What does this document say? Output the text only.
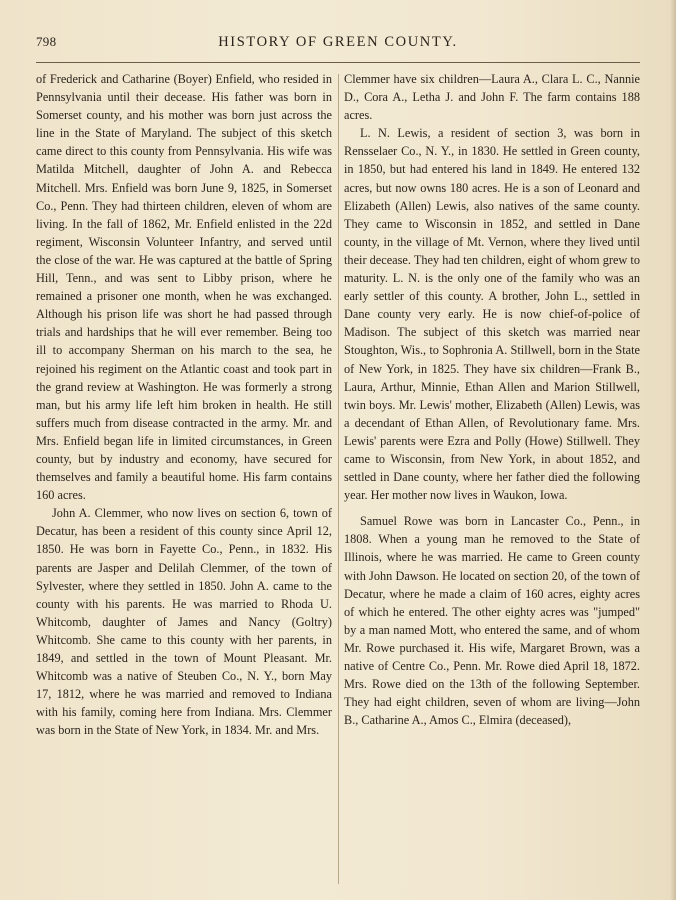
798	HISTORY OF GREEN COUNTY.

of Frederick and Catharine (Boyer) Enfield, who resided in Pennsylvania until their decease. His father was born in Somerset county, and his mother was born just across the line in the State of Maryland. The subject of this sketch came direct to this county from Pennsylvania. His wife was Matilda Mitchell, daughter of John A. and Rebecca Mitchell. Mrs. Enfield was born June 9, 1825, in Somerset Co., Penn. They had thirteen children, eleven of whom are living. In the fall of 1862, Mr. Enfield enlisted in the 22d regiment, Wisconsin Volunteer Infantry, and served until the close of the war. He was captured at the battle of Spring Hill, Tenn., and was sent to Libby prison, where he remained a prisoner one month, when he was exchanged. Although his prison life was short he had passed through trials and hardships that he will ever remember. Being too ill to accompany Sherman on his march to the sea, he rejoined his regiment on the Atlantic coast and took part in the grand review at Washington. He was formerly a strong man, but his army life left him broken in health. He still suffers much from disease contracted in the army. Mr. and Mrs. Enfield began life in limited circumstances, in Green county, but by industry and economy, have secured for themselves and family a beautiful home. His farm contains 160 acres.

John A. Clemmer, who now lives on section 6, town of Decatur, has been a resident of this county since April 12, 1850. He was born in Fayette Co., Penn., in 1832. His parents are Jasper and Delilah Clemmer, of the town of Sylvester, where they settled in 1850. John A. came to the county with his parents. He was married to Rhoda U. Whitcomb, daughter of James and Nancy (Goltry) Whitcomb. She came to this county with her parents, in 1849, and settled in the town of Mount Pleasant. Mr. Whitcomb was a native of Steuben Co., N. Y., born May 17, 1812, where he was married and removed to Indiana with his family, coming here from Indiana. Mrs. Clemmer was born in the State of New York, in 1834. Mr. and Mrs.

Clemmer have six children—Laura A., Clara L. C., Nannie D., Cora A., Letha J. and John F. The farm contains 188 acres.

L. N. Lewis, a resident of section 3, was born in Rensselaer Co., N. Y., in 1830. He settled in Green county, in 1850, but had entered his land in 1849. He entered 132 acres, but now owns 180 acres. He is a son of Leonard and Elizabeth (Allen) Lewis, also natives of the same county. They came to Wisconsin in 1852, and settled in Dane county, in the village of Mt. Vernon, where they lived until their decease. They had ten children, eight of whom grew to maturity. L. N. is the only one of the family who was an early settler of this county. A brother, John L., settled in Dane county very early. He is now chief-of-police of Madison. The subject of this sketch was married near Stoughton, Wis., to Sophronia A. Stillwell, born in the State of New York, in 1825. They have six children—Frank B., Laura, Arthur, Minnie, Ethan Allen and Marion Stillwell, twin boys. Mr. Lewis' mother, Elizabeth (Allen) Lewis, was a decendant of Ethan Allen, of Revolutionary fame. Mrs. Lewis' parents were Ezra and Polly (Howe) Stillwell. They came to Wisconsin, from New York, in about 1852, and settled in Dane county, where her father died the following year. Her mother now lives in Waukon, Iowa.

Samuel Rowe was born in Lancaster Co., Penn., in 1808. When a young man he removed to the State of Illinois, where he was married. He came to Green county with John Dawson. He located on section 20, of the town of Decatur, where he made a claim of 160 acres, eighty acres of which he entered. The other eighty acres was "jumped" by a man named Mott, who entered the same, and of whom Mr. Rowe purchased it. His wife, Margaret Brown, was a native of Centre Co., Penn. Mr. Rowe died April 18, 1872. Mrs. Rowe died on the 13th of the following September. They had eight children, seven of whom are living—John B., Catharine A., Amos C., Elmira (deceased),
